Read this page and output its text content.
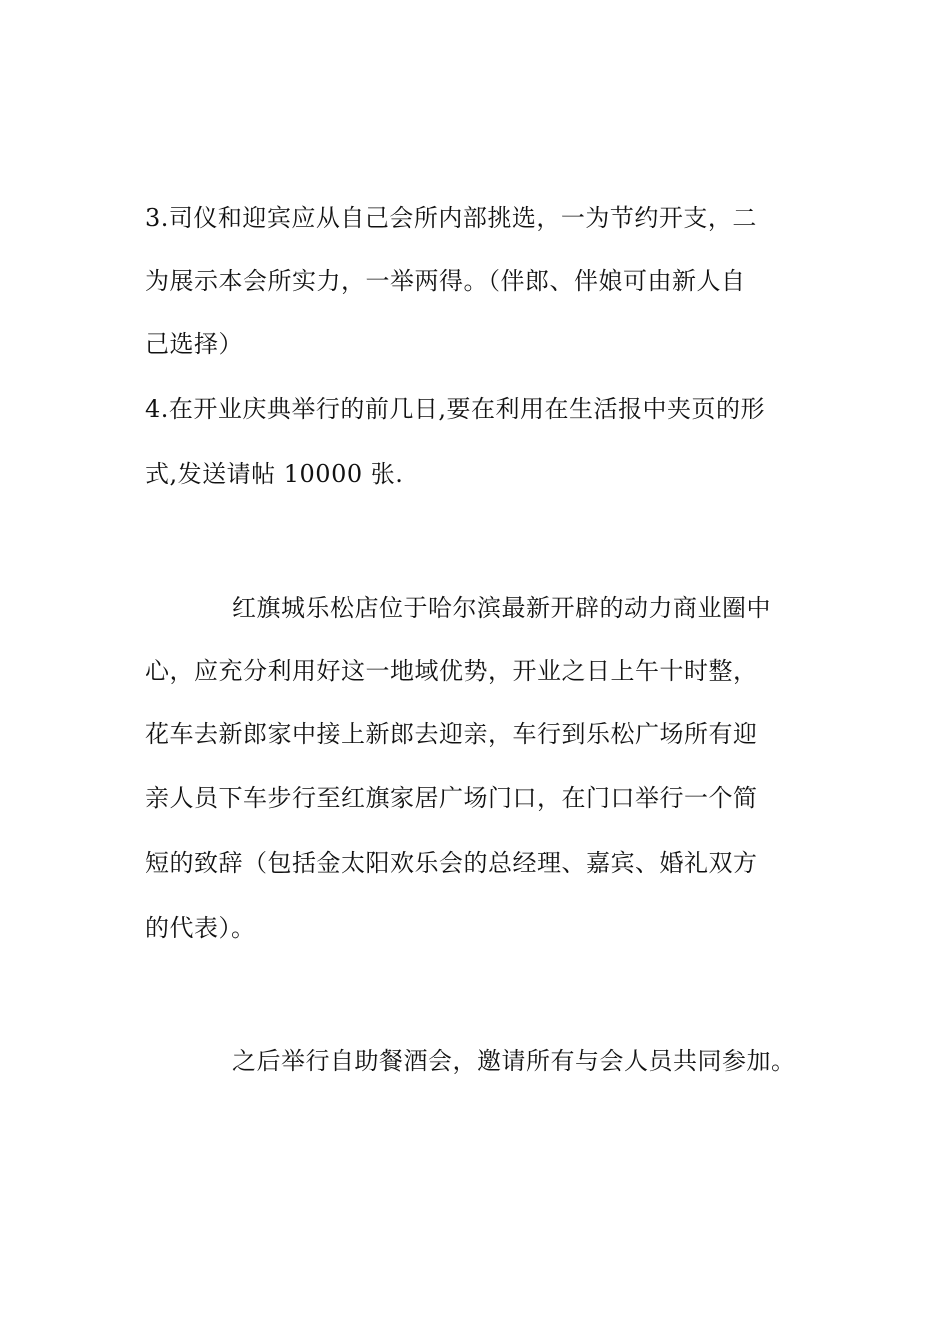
3.司仪和迎宾应从自己会所内部挑选，一为节约开支，二
为展示本会所实力，一举两得。（伴郎、伴娘可由新人自
己选择）
4.在开业庆典举行的前几日,要在利用在生活报中夹页的形
式,发送请帖 10000 张.
红旗城乐松店位于哈尔滨最新开辟的动力商业圈中
心，应充分利用好这一地域优势，开业之日上午十时整，
花车去新郎家中接上新郎去迎亲，车行到乐松广场所有迎
亲人员下车步行至红旗家居广场门口，在门口举行一个简
短的致辞（包括金太阳欢乐会的总经理、嘉宾、婚礼双方
的代表）。
之后举行自助餐酒会，邀请所有与会人员共同参加。
